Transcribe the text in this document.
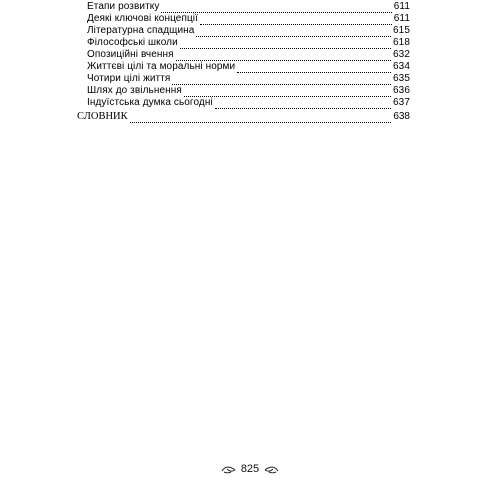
Етапи розвитку	611
Деякі ключові концепції	611
Літературна спадщина	615
Філософські школи	618
Опозиційні вчення	632
Життєві цілі та моральні норми	634
Чотири цілі життя	635
Шлях до звільнення	636
Індуїстська думка сьогодні	637
СЛОВНИК	638
825
